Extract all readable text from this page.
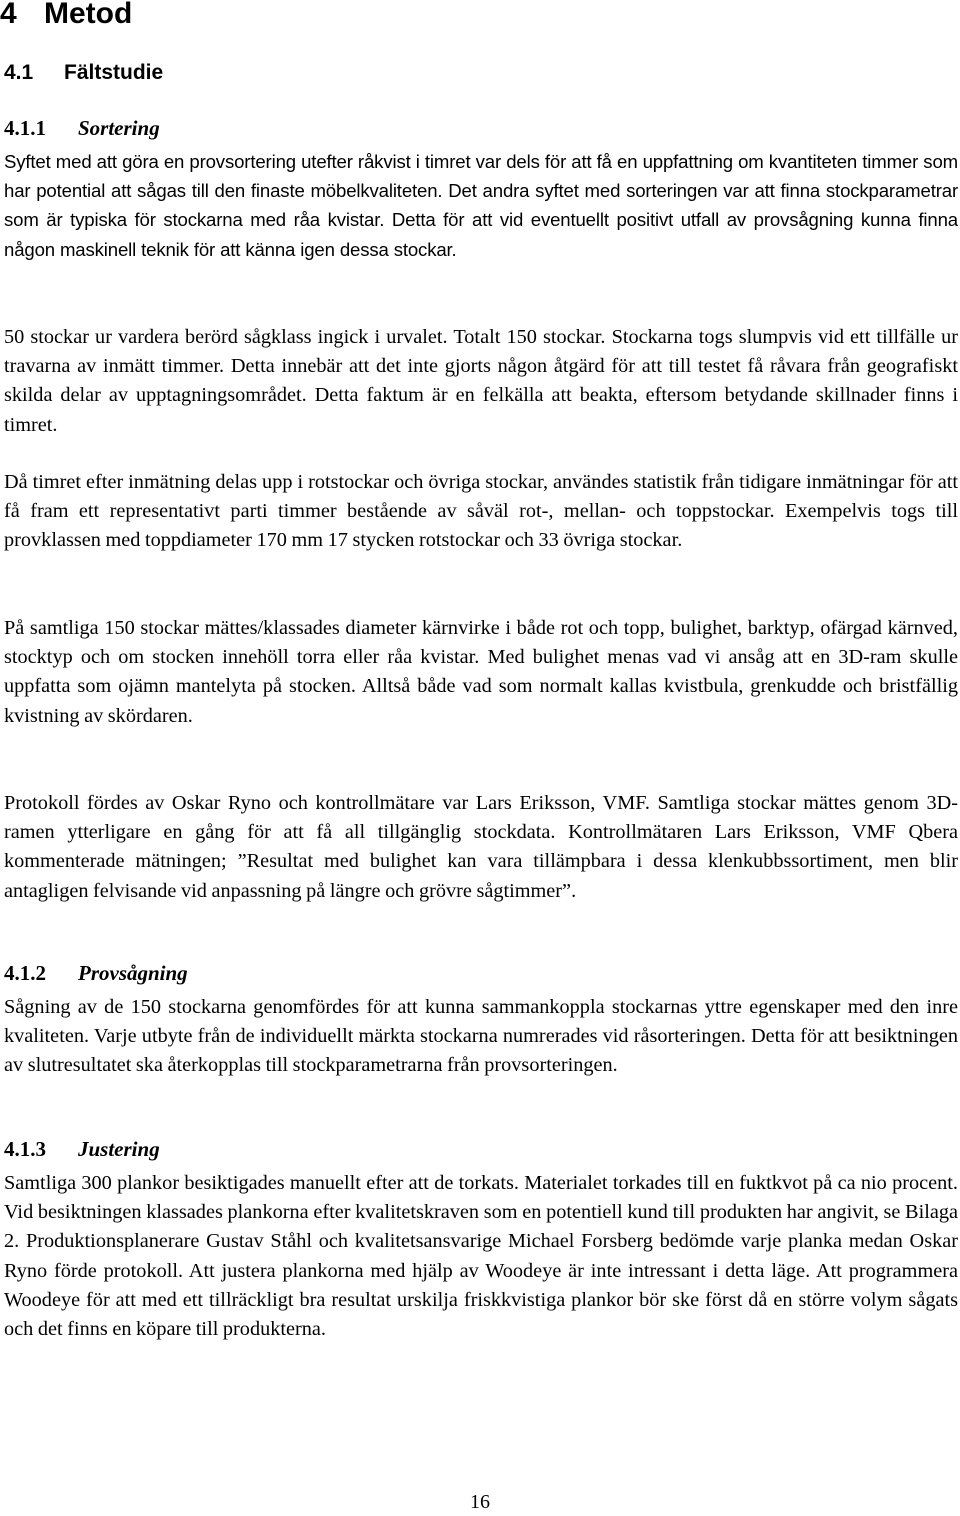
4 Metod
4.1 Fältstudie
4.1.1 Sortering

Syftet med att göra en provsortering utefter råkvist i timret var dels för att få en uppfattning om kvantiteten timmer som har potential att sågas till den finaste möbelkvaliteten. Det andra syftet med sorteringen var att finna stockparametrar som är typiska för stockarna med råa kvistar. Detta för att vid eventuellt positivt utfall av provsågning kunna finna någon maskinell teknik för att känna igen dessa stockar.

50 stockar ur vardera berörd sågklass ingick i urvalet. Totalt 150 stockar. Stockarna togs slumpvis vid ett tillfälle ur travarna av inmätt timmer. Detta innebär att det inte gjorts någon åtgärd för att till testet få råvara från geografiskt skilda delar av upptagningsområdet. Detta faktum är en felkälla att beakta, eftersom betydande skillnader finns i timret.

Då timret efter inmätning delas upp i rotstockar och övriga stockar, användes statistik från tidigare inmätningar för att få fram ett representativt parti timmer bestående av såväl rot-, mellan- och toppstockar. Exempelvis togs till provklassen med toppdiameter 170 mm 17 stycken rotstockar och 33 övriga stockar.

På samtliga 150 stockar mättes/klassades diameter kärnvirke i både rot och topp, bulighet, barktyp, ofärgad kärnved, stocktyp och om stocken innehöll torra eller råa kvistar. Med bulighet menas vad vi ansåg att en 3D-ram skulle uppfatta som ojämn mantelyta på stocken. Alltså både vad som normalt kallas kvistbula, grenkudde och bristfällig kvistning av skördaren.

Protokoll fördes av Oskar Ryno och kontrollmätare var Lars Eriksson, VMF. Samtliga stockar mättes genom 3D-ramen ytterligare en gång för att få all tillgänglig stockdata. Kontrollmätaren Lars Eriksson, VMF Qbera kommenterade mätningen; ”Resultat med bulighet kan vara tillämpbara i dessa klenkubbssortiment, men blir antagligen felvisande vid anpassning på längre och grövre sågtimmer”.

4.1.2 Provsågning

Sågning av de 150 stockarna genomfördes för att kunna sammankoppla stockarnas yttre egenskaper med den inre kvaliteten. Varje utbyte från de individuellt märkta stockarna numrerades vid råsorteringen. Detta för att besiktningen av slutresultatet ska återkopplas till stockparametrarna från provsorteringen.

4.1.3 Justering

Samtliga 300 plankor besiktigades manuellt efter att de torkats. Materialet torkades till en fuktkvot på ca nio procent. Vid besiktningen klassades plankorna efter kvalitetskraven som en potentiell kund till produkten har angivit, se Bilaga 2. Produktionsplanerare Gustav Ståhl och kvalitetsansvarige Michael Forsberg bedömde varje planka medan Oskar Ryno förde protokoll. Att justera plankorna med hjälp av Woodeye är inte intressant i detta läge. Att programmera Woodeye för att med ett tillräckligt bra resultat urskilja friskkvistiga plankor bör ske först då en större volym sågats och det finns en köpare till produkterna.

16
